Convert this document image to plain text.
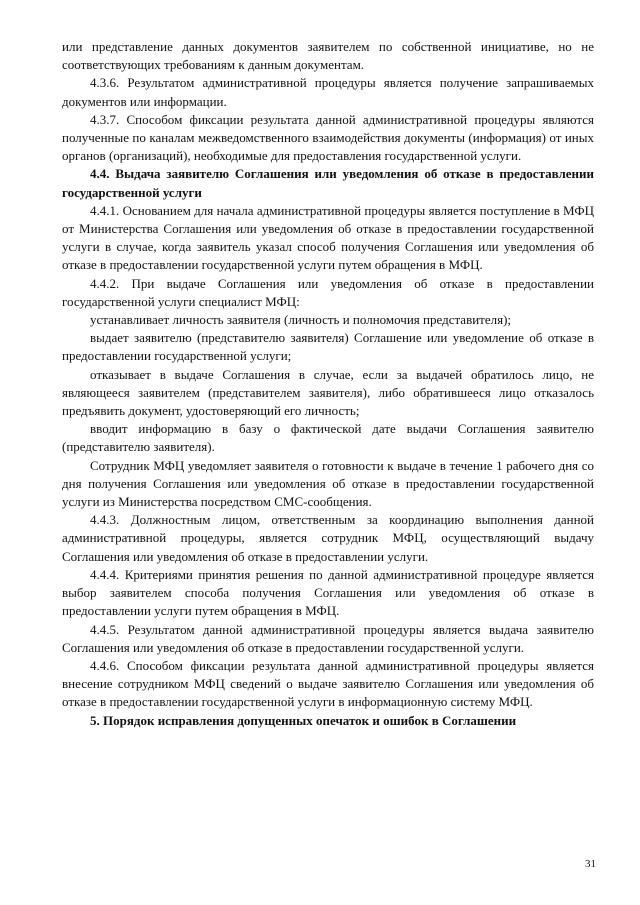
или представление данных документов заявителем по собственной инициативе, но не соответствующих требованиям к данным документам.

4.3.6. Результатом административной процедуры является получение запрашиваемых документов или информации.

4.3.7. Способом фиксации результата данной административной процедуры являются полученные по каналам межведомственного взаимодействия документы (информация) от иных органов (организаций), необходимые для предоставления государственной услуги.

4.4. Выдача заявителю Соглашения или уведомления об отказе в предоставлении государственной услуги

4.4.1. Основанием для начала административной процедуры является поступление в МФЦ от Министерства Соглашения или уведомления об отказе в предоставлении государственной услуги в случае, когда заявитель указал способ получения Соглашения или уведомления об отказе в предоставлении государственной услуги путем обращения в МФЦ.

4.4.2. При выдаче Соглашения или уведомления об отказе в предоставлении государственной услуги специалист МФЦ:

устанавливает личность заявителя (личность и полномочия представителя);

выдает заявителю (представителю заявителя) Соглашение или уведомление об отказе в предоставлении государственной услуги;

отказывает в выдаче Соглашения в случае, если за выдачей обратилось лицо, не являющееся заявителем (представителем заявителя), либо обратившееся лицо отказалось предъявить документ, удостоверяющий его личность;

вводит информацию в базу о фактической дате выдачи Соглашения заявителю (представителю заявителя).

Сотрудник МФЦ уведомляет заявителя о готовности к выдаче в течение 1 рабочего дня со дня получения Соглашения или уведомления об отказе в предоставлении государственной услуги из Министерства посредством СМС-сообщения.

4.4.3. Должностным лицом, ответственным за координацию выполнения данной административной процедуры, является сотрудник МФЦ, осуществляющий выдачу Соглашения или уведомления об отказе в предоставлении услуги.

4.4.4. Критериями принятия решения по данной административной процедуре является выбор заявителем способа получения Соглашения или уведомления об отказе в предоставлении услуги путем обращения в МФЦ.

4.4.5. Результатом данной административной процедуры является выдача заявителю Соглашения или уведомления об отказе в предоставлении государственной услуги.

4.4.6. Способом фиксации результата данной административной процедуры является внесение сотрудником МФЦ сведений о выдаче заявителю Соглашения или уведомления об отказе в предоставлении государственной услуги в информационную систему МФЦ.

5. Порядок исправления допущенных опечаток и ошибок в Соглашении

31
